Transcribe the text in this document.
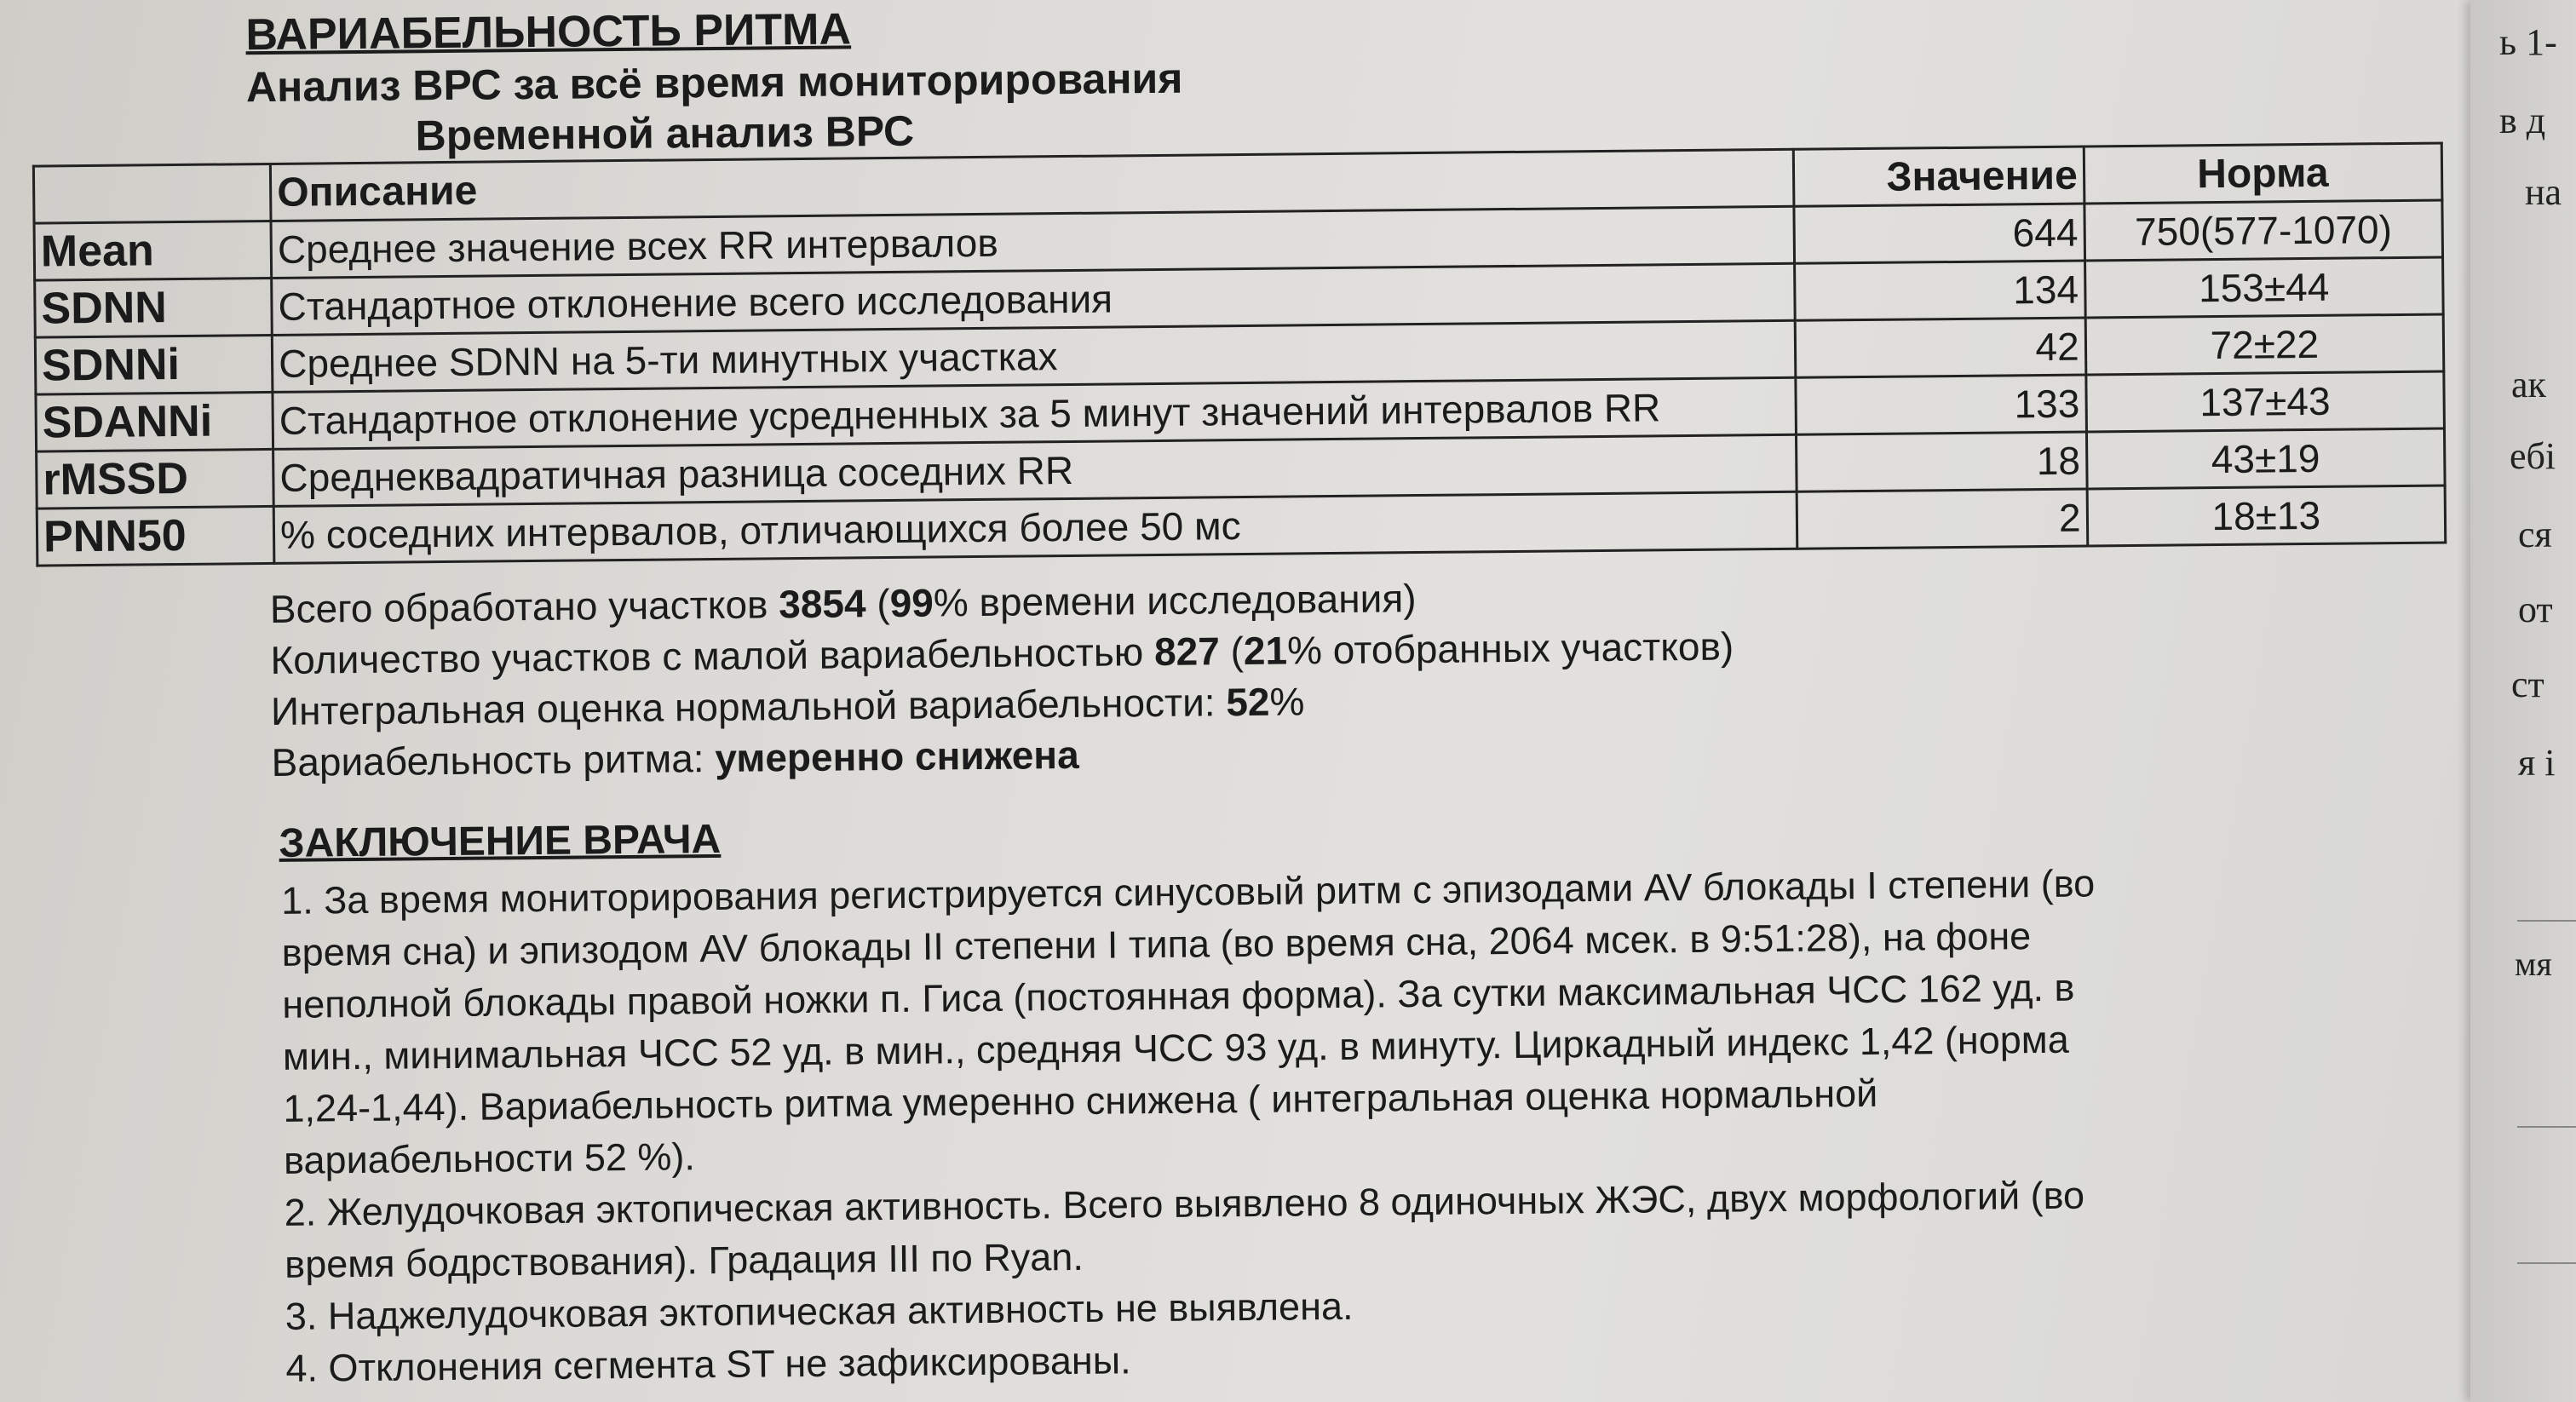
ВАРИАБЕЛЬНОСТЬ РИТМА
Анализ ВРС за всё время мониторирования
Временной анализ ВРС
	Описание	Значение	Норма
Mean	Среднее значение всех RR интервалов	644	750(577-1070)
SDNN	Стандартное отклонение всего исследования	134	153±44
SDNNi	Среднее SDNN на 5-ти минутных участках	42	72±22
SDANNi	Стандартное отклонение усредненных за 5 минут значений интервалов RR	133	137±43
rMSSD	Среднеквадратичная разница соседних RR	18	43±19
PNN50	% соседних интервалов, отличающихся более 50 мс	2	18±13
Всего обработано участков 3854 (99% времени исследования)
Количество участков с малой вариабельностью 827 (21% отобранных участков)
Интегральная оценка нормальной вариабельности: 52%
Вариабельность ритма: умеренно снижена
ЗАКЛЮЧЕНИЕ ВРАЧА

1. За время мониторирования регистрируется синусовый ритм с эпизодами AV блокады I степени (во
время сна) и эпизодом AV блокады II степени I типа (во время сна, 2064 мсек. в 9:51:28), на фоне
неполной блокады правой ножки п. Гиса (постоянная форма). За сутки максимальная ЧСС 162 уд. в
мин., минимальная ЧСС 52 уд. в мин., средняя ЧСС 93 уд. в минуту. Циркадный индекс 1,42 (норма
1,24-1,44). Вариабельность ритма умеренно снижена ( интегральная оценка нормальной
вариабельности 52 %).

2. Желудочковая эктопическая активность. Всего выявлено 8 одиночных ЖЭС, двух морфологий (во
время бодрствования). Градация III по Ryan.

3. Наджелудочковая эктопическая активность не выявлена.

4. Отклонения сегмента ST не зафиксированы.

ь 1-
в д
на
ак
ебі
ся
от
ст
я і
мя
